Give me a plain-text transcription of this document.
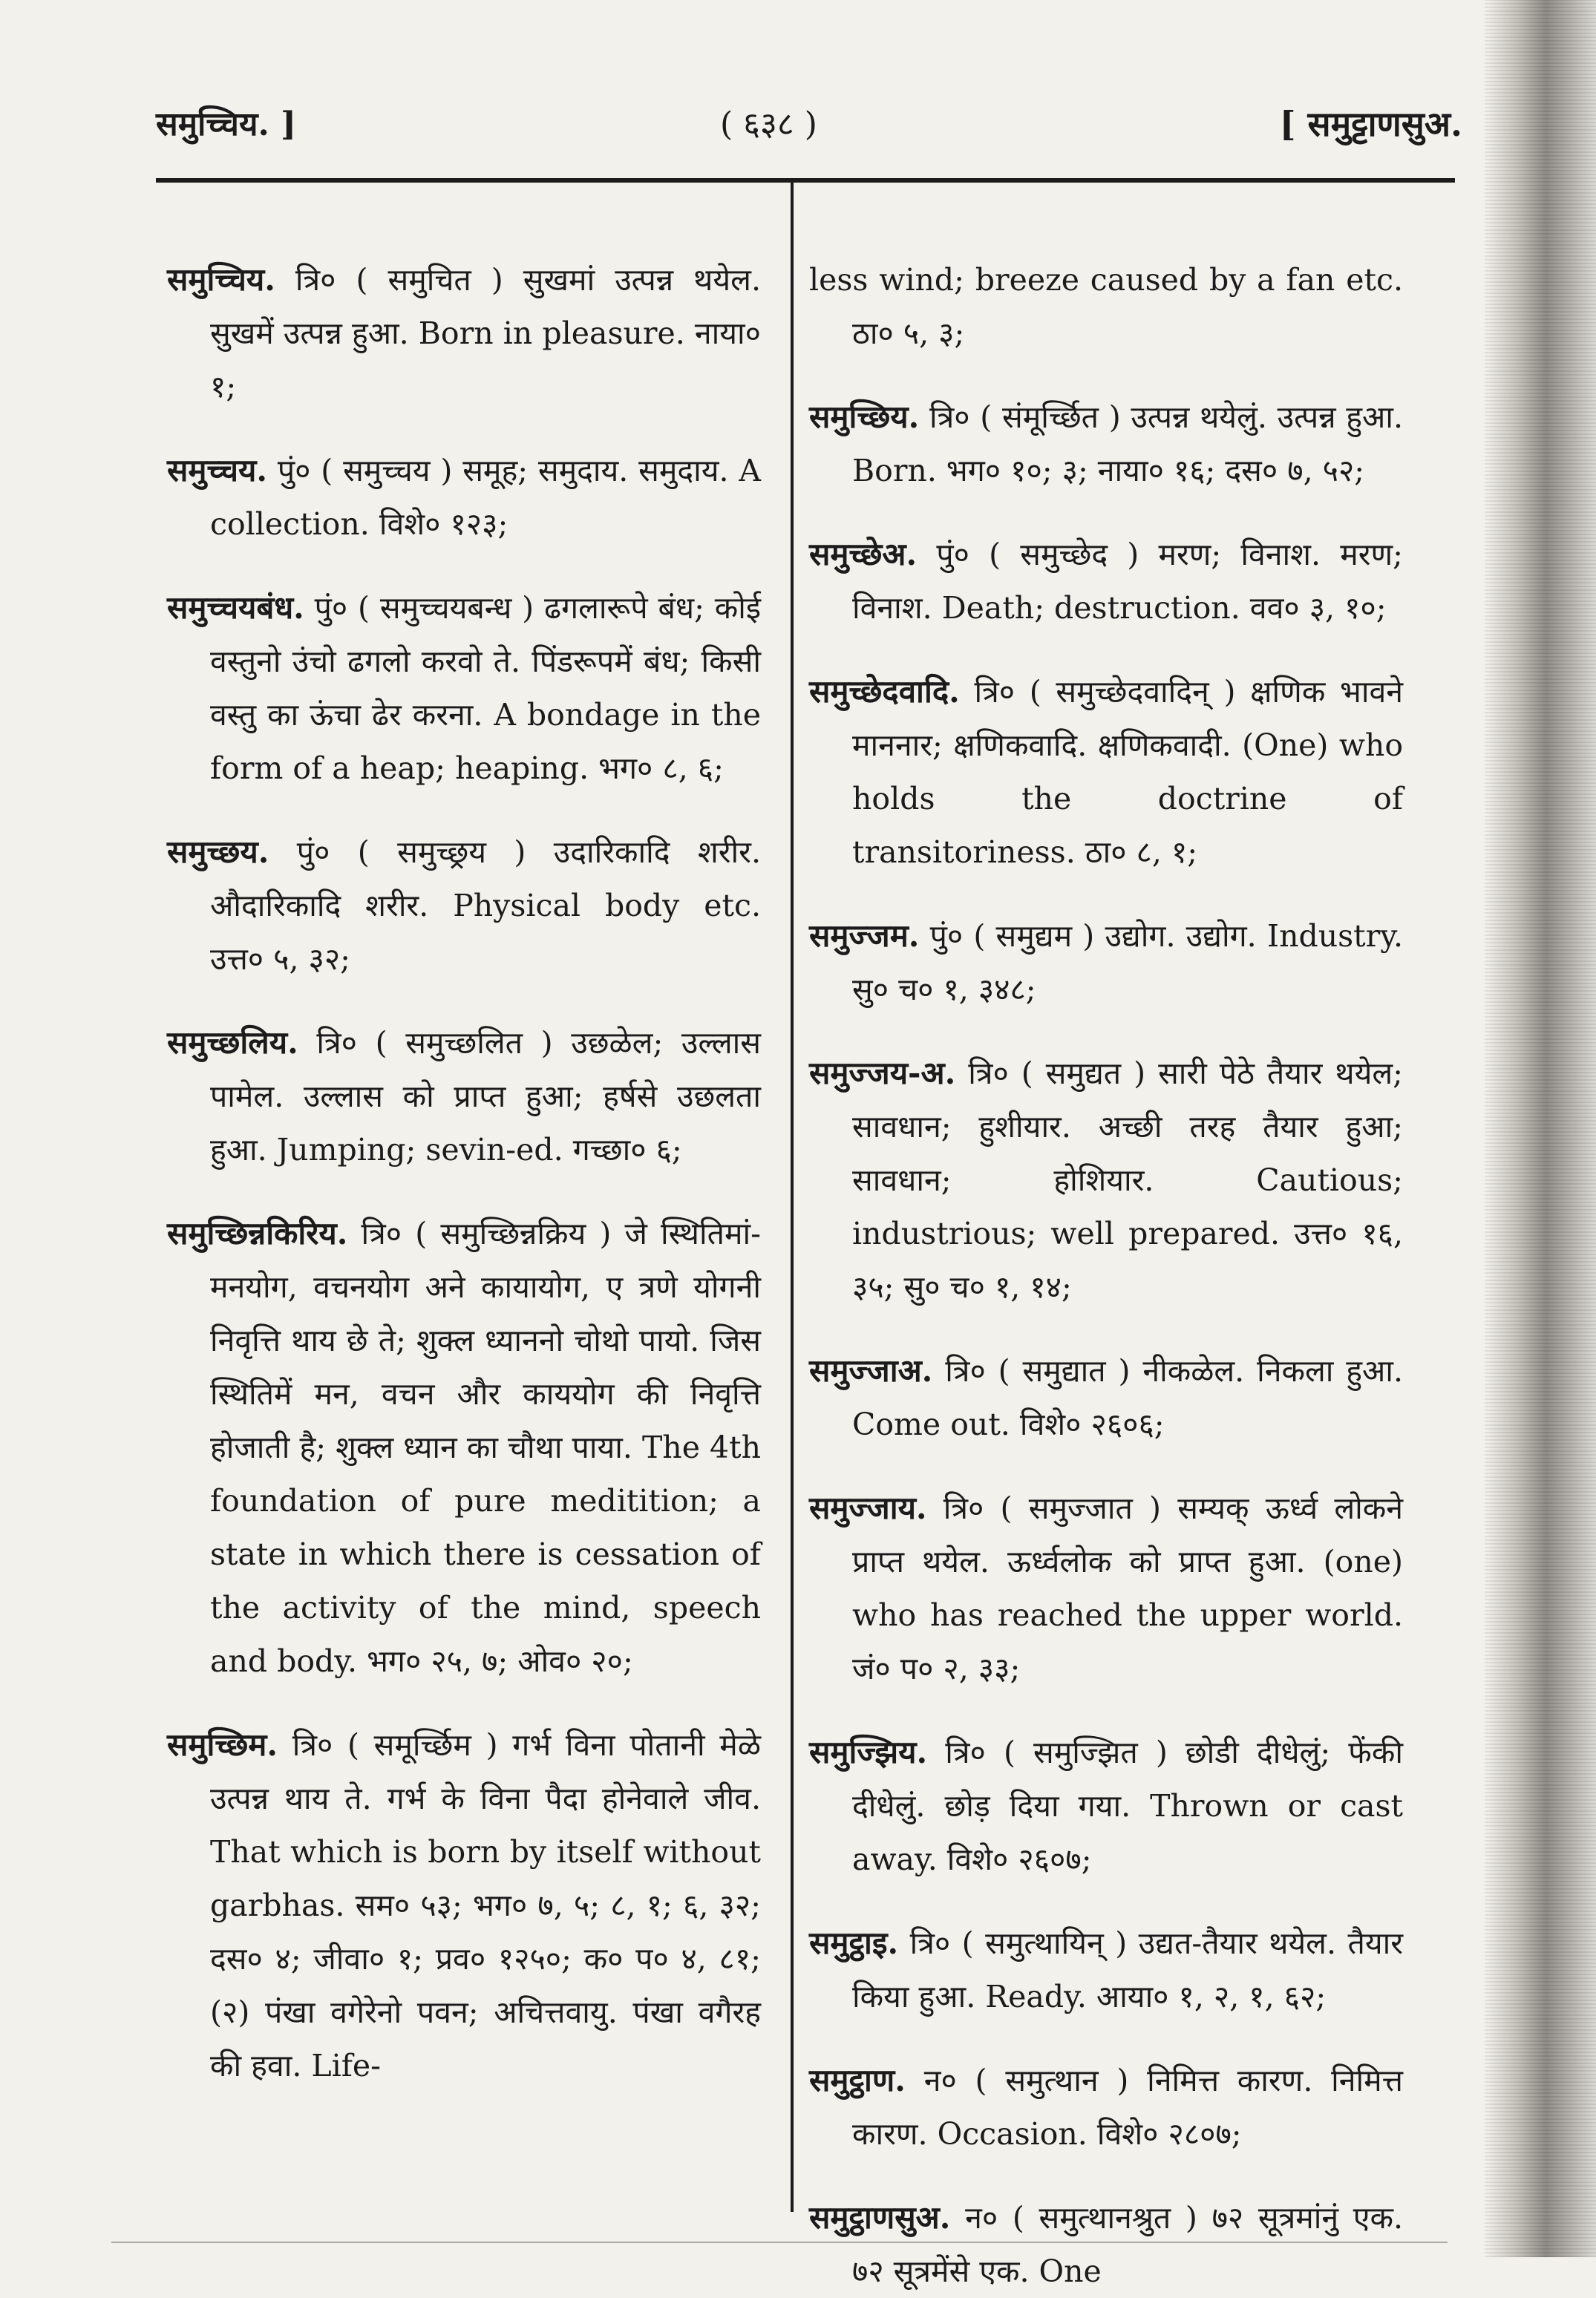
समुच्चिय. ]	( ६३८ )	[ समुट्टाणसुअ.

समुच्चिय. त्रि० ( समुचित ) सुखमां उत्पन्न थयेल. सुखमें उत्पन्न हुआ. Born in pleasure. नाया० १;

समुच्चय. पुं० ( समुच्चय ) समूह; समुदाय. समुदाय. A collection. विशे० १२३;

समुच्चयबंध. पुं० ( समुच्चयबन्ध ) ढगलारूपे बंध; कोई वस्तुनो उंचो ढगलो करवो ते. पिंडरूपमें बंध; किसी वस्तु का ऊंचा ढेर करना. A bondage in the form of a heap; heaping. भग० ८, ६;

समुच्छय. पुं० ( समुच्छ्रय ) उदारिकादि शरीर. औदारिकादि शरीर. Physical body etc. उत्त० ५, ३२;

समुच्छलिय. त्रि० ( समुच्छलित ) उछळेल; उल्लास पामेल. उल्लास को प्राप्त हुआ; हर्षसे उछलता हुआ. Jumping; sevin-ed. गच्छा० ६;

समुच्छिन्नकिरिय. त्रि० ( समुच्छिन्नक्रिय ) जे स्थितिमां-मनयोग, वचनयोग अने कायायोग, ए त्रणे योगनी निवृत्ति थाय छे ते; शुक्ल ध्याननो चोथो पायो. जिस स्थितिमें मन, वचन और काययोग की निवृत्ति होजाती है; शुक्ल ध्यान का चौथा पाया. The 4th foundation of pure meditition; a state in which there is cessation of the activity of the mind, speech and body. भग० २५, ७; ओव० २०;

समुच्छिम. त्रि० ( समूर्च्छिम ) गर्भ विना पोतानी मेळे उत्पन्न थाय ते. गर्भ के विना पैदा होनेवाले जीव. That which is born by itself without garbhas. सम० ५३; भग० ७, ५; ८, १; ६, ३२; दस० ४; जीवा० १; प्रव० १२५०; क० प० ४, ८१; (२) पंखा वगेरेनो पवन; अचित्तवायु. पंखा वगैरह की हवा. Life-

less wind; breeze caused by a fan etc. ठा० ५, ३;

समुच्छिय. त्रि० ( संमूर्च्छित ) उत्पन्न थयेलुं. उत्पन्न हुआ. Born. भग० १०; ३; नाया० १६; दस० ७, ५२;

समुच्छेअ. पुं० ( समुच्छेद ) मरण; विनाश. मरण; विनाश. Death; destruction. वव० ३, १०;

समुच्छेदवादि. त्रि० ( समुच्छेदवादिन् ) क्षणिक भावने माननार; क्षणिकवादि. क्षणिकवादी. (One) who holds the doctrine of transitoriness. ठा० ८, १;

समुज्जम. पुं० ( समुद्यम ) उद्योग. उद्योग. Industry. सु० च० १, ३४८;

समुज्जय-अ. त्रि० ( समुद्यत ) सारी पेठे तैयार थयेल; सावधान; हुशीयार. अच्छी तरह तैयार हुआ; सावधान; होशियार. Cautious; industrious; well prepared. उत्त० १६, ३५; सु० च० १, १४;

समुज्जाअ. त्रि० ( समुद्यात ) नीकळेल. निकला हुआ. Come out. विशे० २६०६;

समुज्जाय. त्रि० ( समुज्जात ) सम्यक् ऊर्ध्व लोकने प्राप्त थयेल. ऊर्ध्वलोक को प्राप्त हुआ. (one) who has reached the upper world. जं० प० २, ३३;

समुज्झिय. त्रि० ( समुज्झित ) छोडी दीधेलुं; फेंकी दीधेलुं. छोड़ दिया गया. Thrown or cast away. विशे० २६०७;

समुट्ठाइ. त्रि० ( समुत्थायिन् ) उद्यत-तैयार थयेल. तैयार किया हुआ. Ready. आया० १, २, १, ६२;

समुट्ठाण. न० ( समुत्थान ) निमित्त कारण. निमित्त कारण. Occasion. विशे० २८०७;

समुट्ठाणसुअ. न० ( समुत्थानश्रुत ) ७२ सूत्रमांनुं एक. ७२ सूत्रमेंसे एक. One
